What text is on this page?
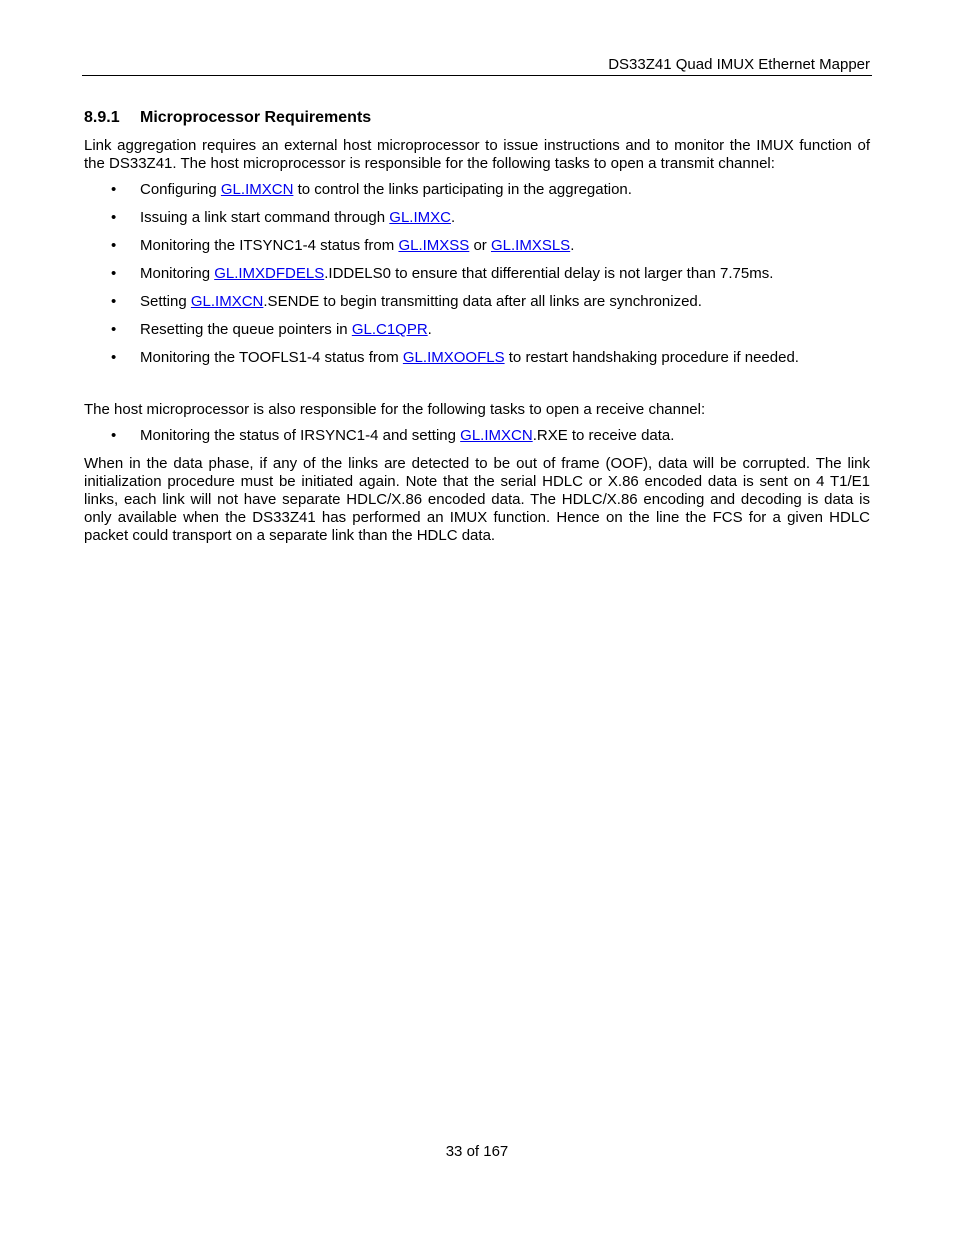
DS33Z41 Quad IMUX Ethernet Mapper
8.9.1 Microprocessor Requirements

Link aggregation requires an external host microprocessor to issue instructions and to monitor the IMUX function of the DS33Z41. The host microprocessor is responsible for the following tasks to open a transmit channel:

• Configuring GL.IMXCN to control the links participating in the aggregation.
• Issuing a link start command through GL.IMXC.
• Monitoring the ITSYNC1-4 status from GL.IMXSS or GL.IMXSLS.
• Monitoring GL.IMXDFDELS.IDDELS0 to ensure that differential delay is not larger than 7.75ms.
• Setting GL.IMXCN.SENDE to begin transmitting data after all links are synchronized.
• Resetting the queue pointers in GL.C1QPR.
• Monitoring the TOOFLS1-4 status from GL.IMXOOFLS to restart handshaking procedure if needed.

The host microprocessor is also responsible for the following tasks to open a receive channel:

• Monitoring the status of IRSYNC1-4 and setting GL.IMXCN.RXE to receive data.

When in the data phase, if any of the links are detected to be out of frame (OOF), data will be corrupted. The link initialization procedure must be initiated again. Note that the serial HDLC or X.86 encoded data is sent on 4 T1/E1 links, each link will not have separate HDLC/X.86 encoded data. The HDLC/X.86 encoding and decoding is data is only available when the DS33Z41 has performed an IMUX function. Hence on the line the FCS for a given HDLC packet could transport on a separate link than the HDLC data.

33 of 167
